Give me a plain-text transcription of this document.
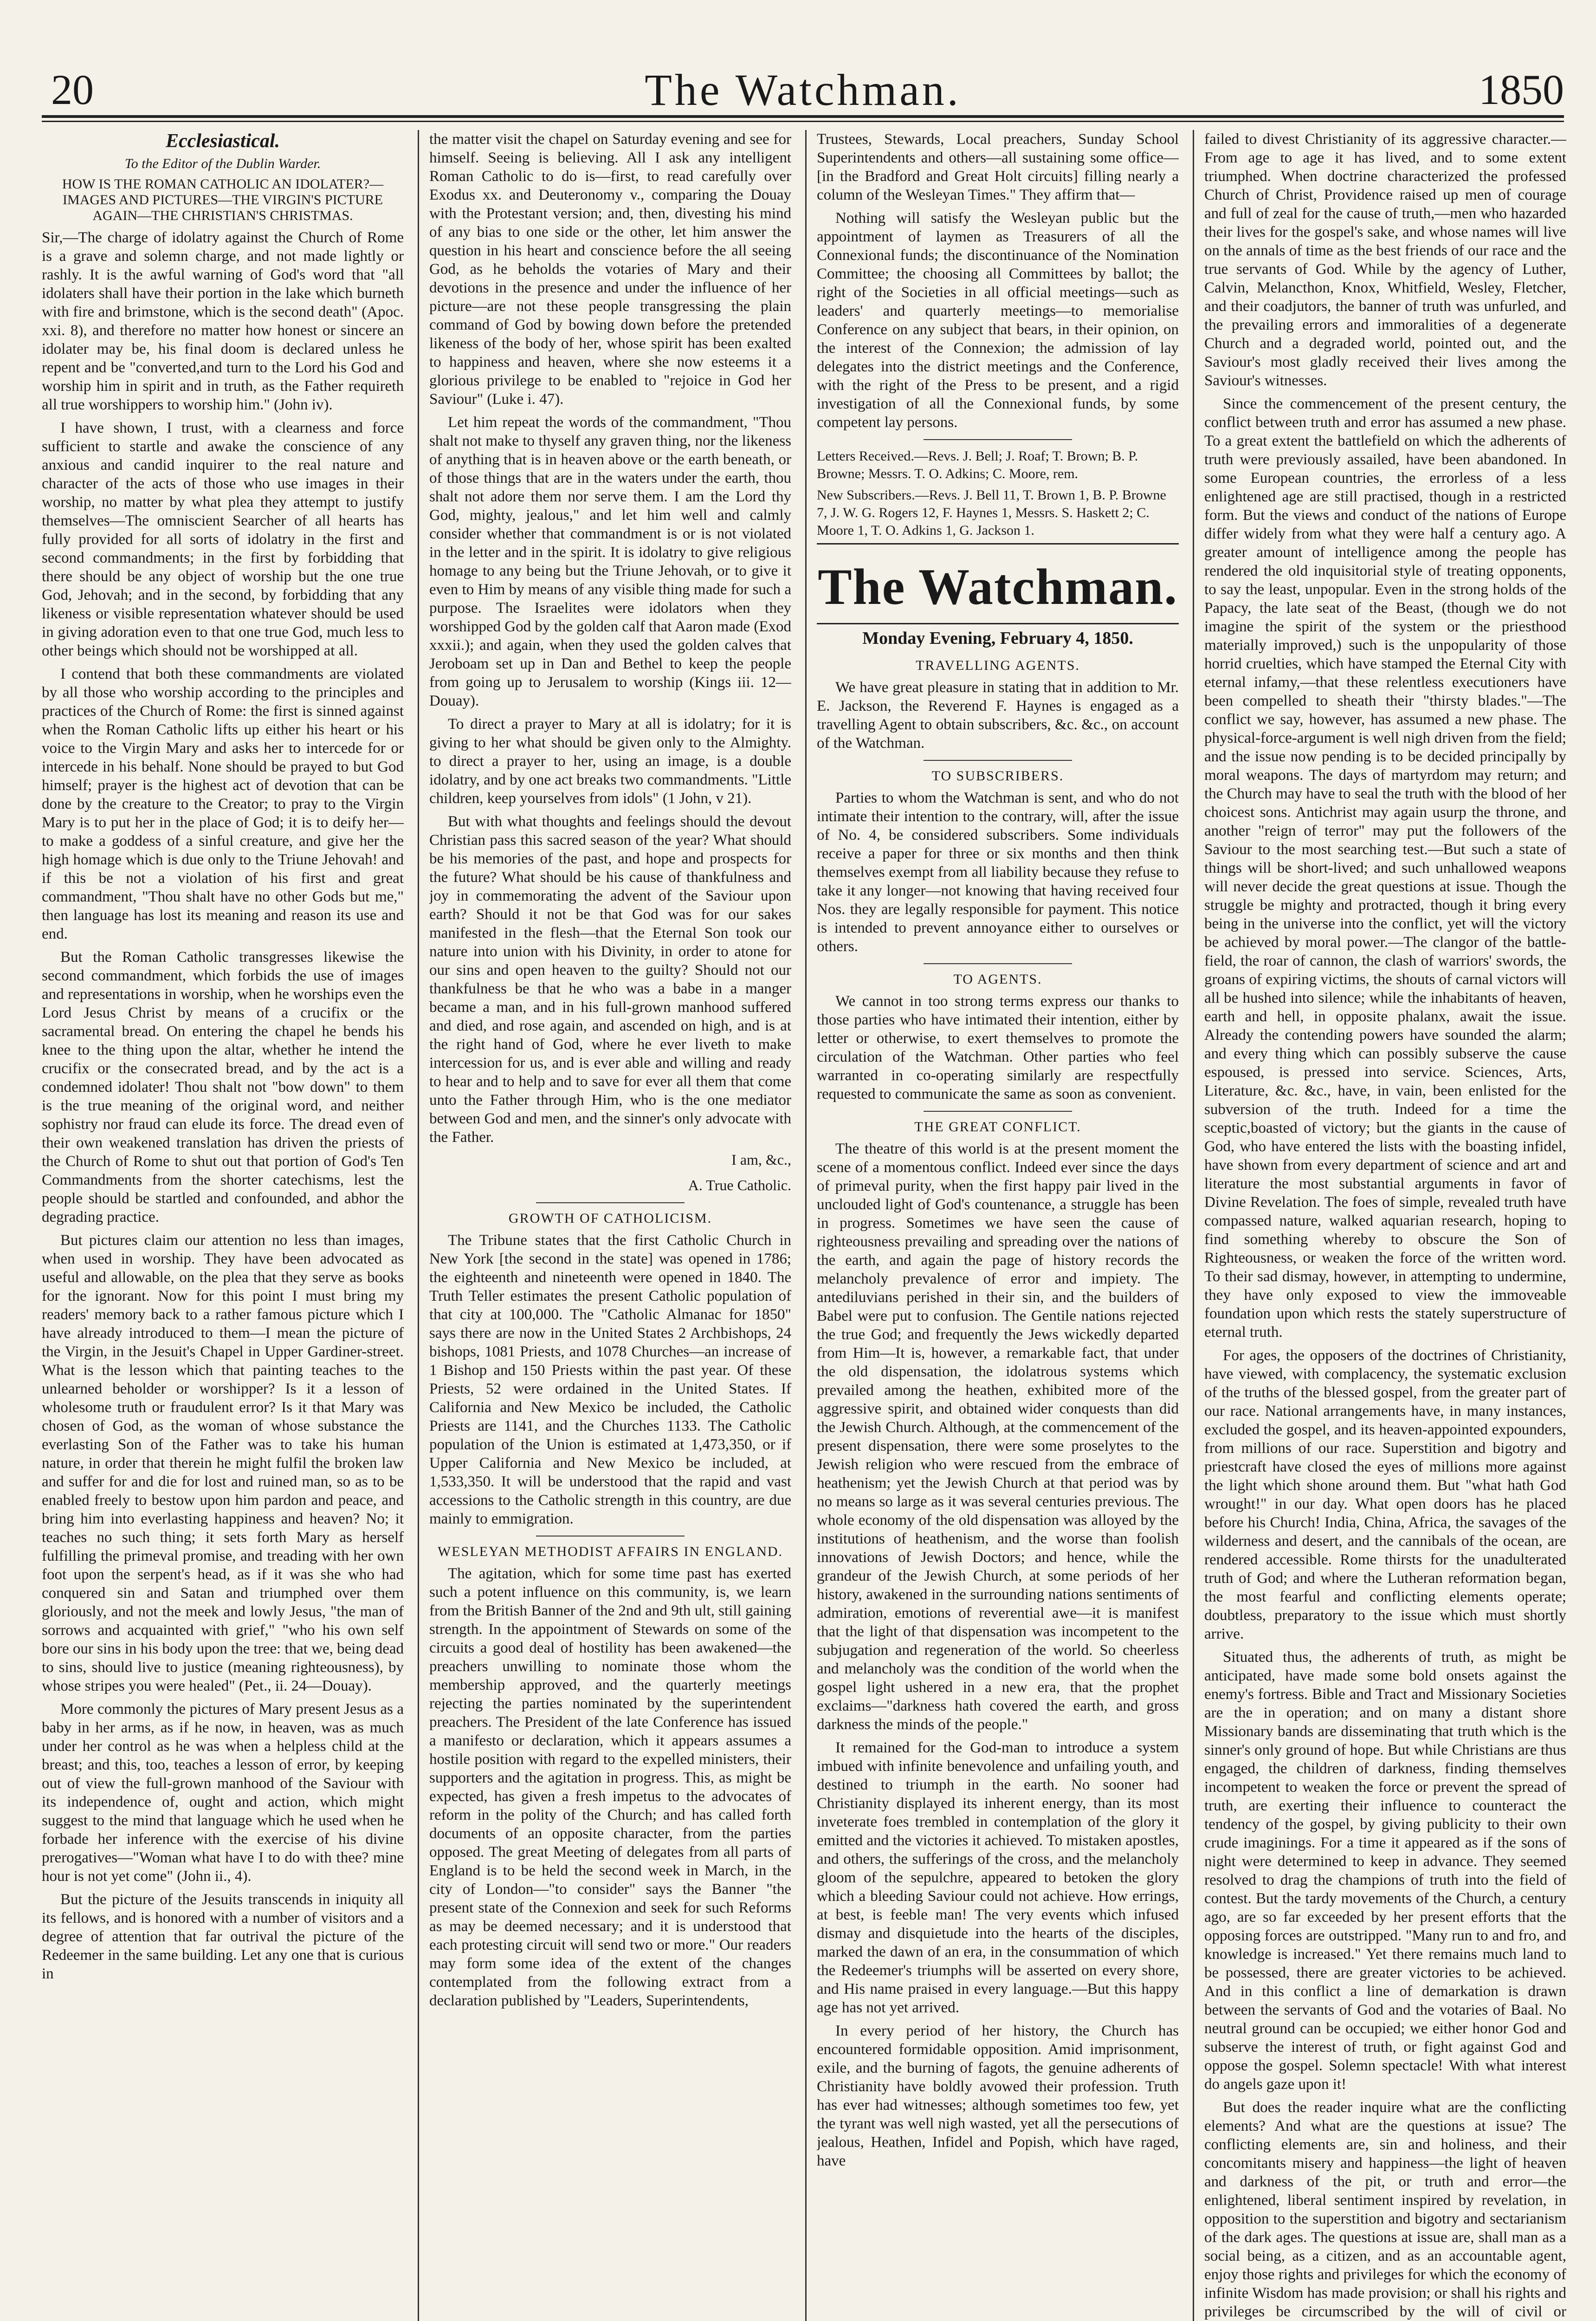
20	The Watchman.	1850
Ecclesiastical.
To the Editor of the Dublin Warder.
HOW IS THE ROMAN CATHOLIC AN IDOLATER?—IMAGES AND PICTURES—THE VIRGIN'S PICTURE AGAIN—THE CHRISTIAN'S CHRISTMAS.

Sir,—The charge of idolatry against the Church of Rome is a grave and solemn charge, and not made lightly or rashly. It is the awful warning of God's word that "all idolaters shall have their portion in the lake which burneth with fire and brimstone, which is the second death" (Apoc. xxi. 8), and therefore no matter how honest or sincere an idolater may be, his final doom is declared unless he repent and be "converted,and turn to the Lord his God and worship him in spirit and in truth, as the Father requireth all true worshippers to worship him." (John iv).

I have shown, I trust, with a clearness and force sufficient to startle and awake the conscience of any anxious and candid inquirer to the real nature and character of the acts of those who use images in their worship, no matter by what plea they attempt to justify themselves—The omniscient Searcher of all hearts has fully provided for all sorts of idolatry in the first and second commandments; in the first by forbidding that there should be any object of worship but the one true God, Jehovah; and in the second, by forbidding that any likeness or visible representation whatever should be used in giving adoration even to that one true God, much less to other beings which should not be worshipped at all.

I contend that both these commandments are violated by all those who worship according to the principles and practices of the Church of Rome: the first is sinned against when the Roman Catholic lifts up either his heart or his voice to the Virgin Mary and asks her to intercede for or intercede in his behalf. None should be prayed to but God himself; prayer is the highest act of devotion that can be done by the creature to the Creator; to pray to the Virgin Mary is to put her in the place of God; it is to deify her—to make a goddess of a sinful creature, and give her the high homage which is due only to the Triune Jehovah! and if this be not a violation of his first and great commandment, "Thou shalt have no other Gods but me," then language has lost its meaning and reason its use and end.

But the Roman Catholic transgresses likewise the second commandment, which forbids the use of images and representations in worship, when he worships even the Lord Jesus Christ by means of a crucifix or the sacramental bread. On entering the chapel he bends his knee to the thing upon the altar, whether he intend the crucifix or the consecrated bread, and by the act is a condemned idolater! Thou shalt not "bow down" to them is the true meaning of the original word, and neither sophistry nor fraud can elude its force. The dread even of their own weakened translation has driven the priests of the Church of Rome to shut out that portion of God's Ten Commandments from the shorter catechisms, lest the people should be startled and confounded, and abhor the degrading practice.

But pictures claim our attention no less than images, when used in worship. They have been advocated as useful and allowable, on the plea that they serve as books for the ignorant. Now for this point I must bring my readers' memory back to a rather famous picture which I have already introduced to them—I mean the picture of the Virgin, in the Jesuit's Chapel in Upper Gardiner-street. What is the lesson which that painting teaches to the unlearned beholder or worshipper? Is it a lesson of wholesome truth or fraudulent error? Is it that Mary was chosen of God, as the woman of whose substance the everlasting Son of the Father was to take his human nature, in order that therein he might fulfil the broken law and suffer for and die for lost and ruined man, so as to be enabled freely to bestow upon him pardon and peace, and bring him into everlasting happiness and heaven? No; it teaches no such thing; it sets forth Mary as herself fulfilling the primeval promise, and treading with her own foot upon the serpent's head, as if it was she who had conquered sin and Satan and triumphed over them gloriously, and not the meek and lowly Jesus, "the man of sorrows and acquainted with grief," "who his own self bore our sins in his body upon the tree: that we, being dead to sins, should live to justice (meaning righteousness), by whose stripes you were healed" (Pet., ii. 24—Douay).

More commonly the pictures of Mary present Jesus as a baby in her arms, as if he now, in heaven, was as much under her control as he was when a helpless child at the breast; and this, too, teaches a lesson of error, by keeping out of view the full-grown manhood of the Saviour with its independence of, ought and action, which might suggest to the mind that language which he used when he forbade her inference with the exercise of his divine prerogatives—"Woman what have I to do with thee? mine hour is not yet come" (John ii., 4).

But the picture of the Jesuits transcends in iniquity all its fellows, and is honored with a number of visitors and a degree of attention that far outrival the picture of the Redeemer in the same building. Let any one that is curious in

the matter visit the chapel on Saturday evening and see for himself. Seeing is believing. All I ask any intelligent Roman Catholic to do is—first, to read carefully over Exodus xx. and Deuteronomy v., comparing the Douay with the Protestant version; and, then, divesting his mind of any bias to one side or the other, let him answer the question in his heart and conscience before the all seeing God, as he beholds the votaries of Mary and their devotions in the presence and under the influence of her picture—are not these people transgressing the plain command of God by bowing down before the pretended likeness of the body of her, whose spirit has been exalted to happiness and heaven, where she now esteems it a glorious privilege to be enabled to "rejoice in God her Saviour" (Luke i. 47).

Let him repeat the words of the commandment, "Thou shalt not make to thyself any graven thing, nor the likeness of anything that is in heaven above or the earth beneath, or of those things that are in the waters under the earth, thou shalt not adore them nor serve them. I am the Lord thy God, mighty, jealous," and let him well and calmly consider whether that commandment is or is not violated in the letter and in the spirit. It is idolatry to give religious homage to any being but the Triune Jehovah, or to give it even to Him by means of any visible thing made for such a purpose. The Israelites were idolators when they worshipped God by the golden calf that Aaron made (Exod xxxii.); and again, when they used the golden calves that Jeroboam set up in Dan and Bethel to keep the people from going up to Jerusalem to worship (Kings iii. 12—Douay).

To direct a prayer to Mary at all is idolatry; for it is giving to her what should be given only to the Almighty. to direct a prayer to her, using an image, is a double idolatry, and by one act breaks two commandments. "Little children, keep yourselves from idols" (1 John, v 21).

But with what thoughts and feelings should the devout Christian pass this sacred season of the year? What should be his memories of the past, and hope and prospects for the future? What should be his cause of thankfulness and joy in commemorating the advent of the Saviour upon earth? Should it not be that God was for our sakes manifested in the flesh—that the Eternal Son took our nature into union with his Divinity, in order to atone for our sins and open heaven to the guilty? Should not our thankfulness be that he who was a babe in a manger became a man, and in his full-grown manhood suffered and died, and rose again, and ascended on high, and is at the right hand of God, where he ever liveth to make intercession for us, and is ever able and willing and ready to hear and to help and to save for ever all them that come unto the Father through Him, who is the one mediator between God and men, and the sinner's only advocate with the Father.

I am, &c.,
A. True Catholic.
GROWTH OF CATHOLICISM.

The Tribune states that the first Catholic Church in New York [the second in the state] was opened in 1786; the eighteenth and nineteenth were opened in 1840. The Truth Teller estimates the present Catholic population of that city at 100,000. The "Catholic Almanac for 1850" says there are now in the United States 2 Archbishops, 24 bishops, 1081 Priests, and 1078 Churches—an increase of 1 Bishop and 150 Priests within the past year. Of these Priests, 52 were ordained in the United States. If California and New Mexico be included, the Catholic Priests are 1141, and the Churches 1133. The Catholic population of the Union is estimated at 1,473,350, or if Upper California and New Mexico be included, at 1,533,350. It will be understood that the rapid and vast accessions to the Catholic strength in this country, are due mainly to emmigration.

WESLEYAN METHODIST AFFAIRS IN ENGLAND.

The agitation, which for some time past has exerted such a potent influence on this community, is, we learn from the British Banner of the 2nd and 9th ult, still gaining strength. In the appointment of Stewards on some of the circuits a good deal of hostility has been awakened—the preachers unwilling to nominate those whom the membership approved, and the quarterly meetings rejecting the parties nominated by the superintendent preachers. The President of the late Conference has issued a manifesto or declaration, which it appears assumes a hostile position with regard to the expelled ministers, their supporters and the agitation in progress. This, as might be expected, has given a fresh impetus to the advocates of reform in the polity of the Church; and has called forth documents of an opposite character, from the parties opposed. The great Meeting of delegates from all parts of England is to be held the second week in March, in the city of London—"to consider" says the Banner "the present state of the Connexion and seek for such Reforms as may be deemed necessary; and it is understood that each protesting circuit will send two or more." Our readers may form some idea of the extent of the changes contemplated from the following extract from a declaration published by "Leaders, Superintendents,

Trustees, Stewards, Local preachers, Sunday School Superintendents and others—all sustaining some office—[in the Bradford and Great Holt circuits] filling nearly a column of the Wesleyan Times." They affirm that—

Nothing will satisfy the Wesleyan public but the appointment of laymen as Treasurers of all the Connexional funds; the discontinuance of the Nomination Committee; the choosing all Committees by ballot; the right of the Societies in all official meetings—such as leaders' and quarterly meetings—to memorialise Conference on any subject that bears, in their opinion, on the interest of the Connexion; the admission of lay delegates into the district meetings and the Conference, with the right of the Press to be present, and a rigid investigation of all the Connexional funds, by some competent lay persons.

Letters Received.—Revs. J. Bell; J. Roaf; T. Brown; B. P. Browne; Messrs. T. O. Adkins; C. Moore, rem.
New Subscribers.—Revs. J. Bell 11, T. Brown 1, B. P. Browne 7, J. W. G. Rogers 12, F. Haynes 1, Messrs. S. Haskett 2; C. Moore 1, T. O. Adkins 1, G. Jackson 1.
The Watchman.
Monday Evening, February 4, 1850.
TRAVELLING AGENTS.

We have great pleasure in stating that in addition to Mr. E. Jackson, the Reverend F. Haynes is engaged as a travelling Agent to obtain subscribers, &c. &c., on account of the Watchman.

TO SUBSCRIBERS.

Parties to whom the Watchman is sent, and who do not intimate their intention to the contrary, will, after the issue of No. 4, be considered subscribers. Some individuals receive a paper for three or six months and then think themselves exempt from all liability because they refuse to take it any longer—not knowing that having received four Nos. they are legally responsible for payment. This notice is intended to prevent annoyance either to ourselves or others.

TO AGENTS.

We cannot in too strong terms express our thanks to those parties who have intimated their intention, either by letter or otherwise, to exert themselves to promote the circulation of the Watchman. Other parties who feel warranted in co-operating similarly are respectfully requested to communicate the same as soon as convenient.

THE GREAT CONFLICT.

The theatre of this world is at the present moment the scene of a momentous conflict. Indeed ever since the days of primeval purity, when the first happy pair lived in the unclouded light of God's countenance, a struggle has been in progress. Sometimes we have seen the cause of righteousness prevailing and spreading over the nations of the earth, and again the page of history records the melancholy prevalence of error and impiety. The antediluvians perished in their sin, and the builders of Babel were put to confusion. The Gentile nations rejected the true God; and frequently the Jews wickedly departed from Him—It is, however, a remarkable fact, that under the old dispensation, the idolatrous systems which prevailed among the heathen, exhibited more of the aggressive spirit, and obtained wider conquests than did the Jewish Church. Although, at the commencement of the present dispensation, there were some proselytes to the Jewish religion who were rescued from the embrace of heathenism; yet the Jewish Church at that period was by no means so large as it was several centuries previous. The whole economy of the old dispensation was alloyed by the institutions of heathenism, and the worse than foolish innovations of Jewish Doctors; and hence, while the grandeur of the Jewish Church, at some periods of her history, awakened in the surrounding nations sentiments of admiration, emotions of reverential awe—it is manifest that the light of that dispensation was incompetent to the subjugation and regeneration of the world. So cheerless and melancholy was the condition of the world when the gospel light ushered in a new era, that the prophet exclaims—"darkness hath covered the earth, and gross darkness the minds of the people."

It remained for the God-man to introduce a system imbued with infinite benevolence and unfailing youth, and destined to triumph in the earth. No sooner had Christianity displayed its inherent energy, than its most inveterate foes trembled in contemplation of the glory it emitted and the victories it achieved. To mistaken apostles, and others, the sufferings of the cross, and the melancholy gloom of the sepulchre, appeared to betoken the glory which a bleeding Saviour could not achieve. How errings, at best, is feeble man! The very events which infused dismay and disquietude into the hearts of the disciples, marked the dawn of an era, in the consummation of which the Redeemer's triumphs will be asserted on every shore, and His name praised in every language.—But this happy age has not yet arrived.

In every period of her history, the Church has encountered formidable opposition. Amid imprisonment, exile, and the burning of fagots, the genuine adherents of Christianity have boldly avowed their profession. Truth has ever had witnesses; although sometimes too few, yet the tyrant was well nigh wasted, yet all the persecutions of jealous, Heathen, Infidel and Popish, which have raged, have

failed to divest Christianity of its aggressive character.—From age to age it has lived, and to some extent triumphed. When doctrine characterized the professed Church of Christ, Providence raised up men of courage and full of zeal for the cause of truth,—men who hazarded their lives for the gospel's sake, and whose names will live on the annals of time as the best friends of our race and the true servants of God. While by the agency of Luther, Calvin, Melancthon, Knox, Whitfield, Wesley, Fletcher, and their coadjutors, the banner of truth was unfurled, and the prevailing errors and immoralities of a degenerate Church and a degraded world, pointed out, and the Saviour's most gladly received their lives among the Saviour's witnesses.

Since the commencement of the present century, the conflict between truth and error has assumed a new phase. To a great extent the battlefield on which the adherents of truth were previously assailed, have been abandoned. In some European countries, the errorless of a less enlightened age are still practised, though in a restricted form. But the views and conduct of the nations of Europe differ widely from what they were half a century ago. A greater amount of intelligence among the people has rendered the old inquisitorial style of treating opponents, to say the least, unpopular. Even in the strong holds of the Papacy, the late seat of the Beast, (though we do not imagine the spirit of the system or the priesthood materially improved,) such is the unpopularity of those horrid cruelties, which have stamped the Eternal City with eternal infamy,—that these relentless executioners have been compelled to sheath their "thirsty blades."—The conflict we say, however, has assumed a new phase. The physical-force-argument is well nigh driven from the field; and the issue now pending is to be decided principally by moral weapons. The days of martyrdom may return; and the Church may have to seal the truth with the blood of her choicest sons. Antichrist may again usurp the throne, and another "reign of terror" may put the followers of the Saviour to the most searching test.—But such a state of things will be short-lived; and such unhallowed weapons will never decide the great questions at issue. Though the struggle be mighty and protracted, though it bring every being in the universe into the conflict, yet will the victory be achieved by moral power.—The clangor of the battle-field, the roar of cannon, the clash of warriors' swords, the groans of expiring victims, the shouts of carnal victors will all be hushed into silence; while the inhabitants of heaven, earth and hell, in opposite phalanx, await the issue. Already the contending powers have sounded the alarm; and every thing which can possibly subserve the cause espoused, is pressed into service. Sciences, Arts, Literature, &c. &c., have, in vain, been enlisted for the subversion of the truth. Indeed for a time the sceptic,boasted of victory; but the giants in the cause of God, who have entered the lists with the boasting infidel, have shown from every department of science and art and literature the most substantial arguments in favor of Divine Revelation. The foes of simple, revealed truth have compassed nature, walked aquarian research, hoping to find something whereby to obscure the Son of Righteousness, or weaken the force of the written word. To their sad dismay, however, in attempting to undermine, they have only exposed to view the immoveable foundation upon which rests the stately superstructure of eternal truth.

For ages, the opposers of the doctrines of Christianity, have viewed, with complacency, the systematic exclusion of the truths of the blessed gospel, from the greater part of our race. National arrangements have, in many instances, excluded the gospel, and its heaven-appointed expounders, from millions of our race. Superstition and bigotry and priestcraft have closed the eyes of millions more against the light which shone around them. But "what hath God wrought!" in our day. What open doors has he placed before his Church! India, China, Africa, the savages of the wilderness and desert, and the cannibals of the ocean, are rendered accessible. Rome thirsts for the unadulterated truth of God; and where the Lutheran reformation began, the most fearful and conflicting elements operate; doubtless, preparatory to the issue which must shortly arrive.

Situated thus, the adherents of truth, as might be anticipated, have made some bold onsets against the enemy's fortress. Bible and Tract and Missionary Societies are the in operation; and on many a distant shore Missionary bands are disseminating that truth which is the sinner's only ground of hope. But while Christians are thus engaged, the children of darkness, finding themselves incompetent to weaken the force or prevent the spread of truth, are exerting their influence to counteract the tendency of the gospel, by giving publicity to their own crude imaginings. For a time it appeared as if the sons of night were determined to keep in advance. They seemed resolved to drag the champions of truth into the field of contest. But the tardy movements of the Church, a century ago, are so far exceeded by her present efforts that the opposing forces are outstripped. "Many run to and fro, and knowledge is increased." Yet there remains much land to be possessed, there are greater victories to be achieved. And in this conflict a line of demarkation is drawn between the servants of God and the votaries of Baal. No neutral ground can be occupied; we either honor God and subserve the interest of truth, or fight against God and oppose the gospel. Solemn spectacle! With what interest do angels gaze upon it!

But does the reader inquire what are the conflicting elements? And what are the questions at issue? The conflicting elements are, sin and holiness, and their concomitants misery and happiness—the light of heaven and darkness of the pit, or truth and error—the enlightened, liberal sentiment inspired by revelation, in opposition to the superstition and bigotry and sectarianism of the dark ages. The questions at issue are, shall man as a social being, as a citizen, and as an accountable agent, enjoy those rights and privileges for which the economy of infinite Wisdom has made provision; or shall his rights and privileges be circumscribed by the will of civil or
